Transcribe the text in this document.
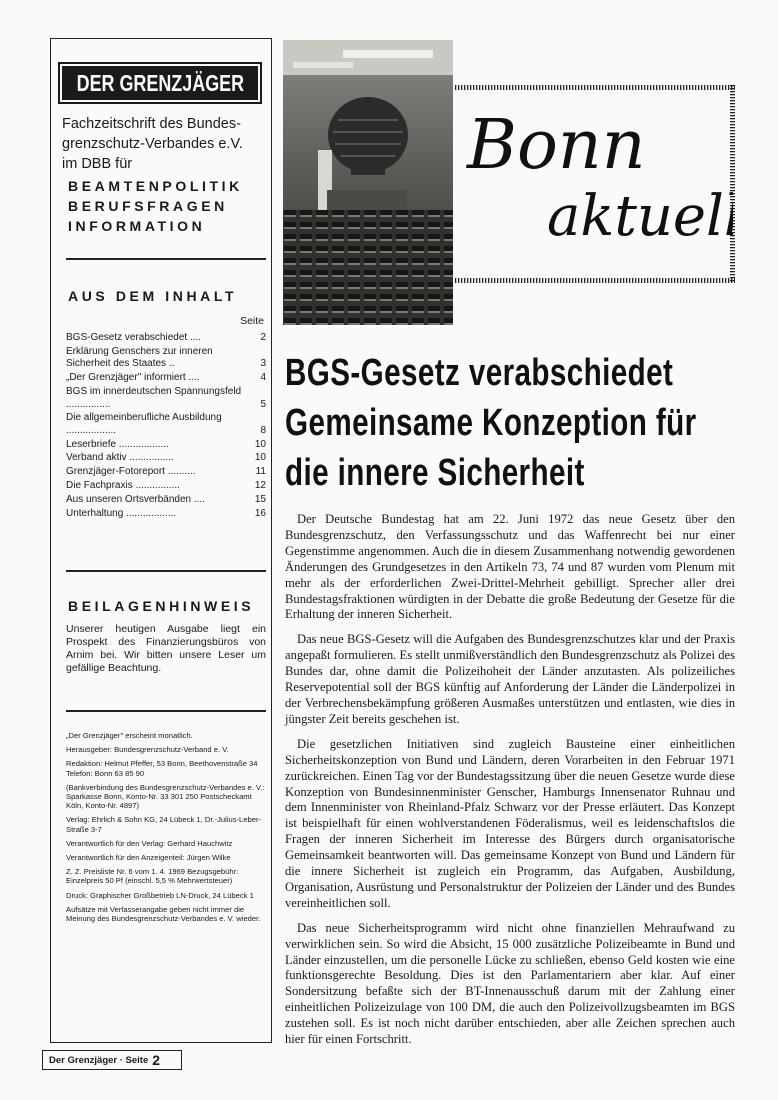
DER GRENZJÄGER
Fachzeitschrift des Bundes-
grenzschutz-Verbandes e.V.
im DBB für
BEAMTENPOLITIK
BERUFSFRAGEN
INFORMATION
AUS DEM INHALT
Seite
BGS-Gesetz verabschiedet ....	2
Erklärung Genschers zur inneren Sicherheit des Staates ..	3
„Der Grenzjäger" informiert ....	4
BGS im innerdeutschen Spannungsfeld ................	5
Die allgemeinberufliche Ausbildung ..................	8
Leserbriefe ..................	10
Verband aktiv ................	10
Grenzjäger-Fotoreport ..........	11
Die Fachpraxis ................	12
Aus unseren Ortsverbänden ....	15
Unterhaltung ..................	16
BEILAGENHINWEIS
Unserer heutigen Ausgabe liegt ein Prospekt des Finanzierungsbüros von Arnim bei. Wir bitten unsere Leser um gefällige Beachtung.

„Der Grenzjäger" erscheint monatlich.

Herausgeber: Bundesgrenzschutz-Verband e. V.

Redaktion: Helmut Pfeffer, 53 Bonn, Beethovenstraße 34 Telefon: Bonn 63 85 90

(Bankverbindung des Bundesgrenzschutz-Verbandes e. V.: Sparkasse Bonn, Konto-Nr. 33 301 250 Postscheckamt Köln, Konto-Nr. 4897)

Verlag: Ehrlich & Sohn KG, 24 Lübeck 1, Dr.-Julius-Leber-Straße 3-7

Verantwortlich für den Verlag: Gerhard Hauchwitz

Verantwortlich für den Anzeigenteil: Jürgen Wilke

Z. Z. Preisliste Nr. 6 vom 1. 4. 1969 Bezugsgebühr: Einzelpreis 50 Pf (einschl. 5,5 % Mehrwertsteuer)

Druck: Graphischer Großbetrieb LN-Druck, 24 Lübeck 1

Aufsätze mit Verfasserangabe geben nicht immer die Meinung des Bundesgrenzschutz-Verbandes e. V. wieder.

Der Grenzjäger · Seite 2
Bonn
aktuell
BGS-Gesetz verabschiedet
Gemeinsame Konzeption für
die innere Sicherheit

Der Deutsche Bundestag hat am 22. Juni 1972 das neue Gesetz über den Bundesgrenzschutz, den Verfassungsschutz und das Waffenrecht bei nur einer Gegenstimme angenommen. Auch die in diesem Zusammenhang notwendig gewordenen Änderungen des Grundgesetzes in den Artikeln 73, 74 und 87 wurden vom Plenum mit mehr als der erforderlichen Zwei-Drittel-Mehrheit gebilligt. Sprecher aller drei Bundestagsfraktionen würdigten in der Debatte die große Bedeutung der Gesetze für die Erhaltung der inneren Sicherheit.

Das neue BGS-Gesetz will die Aufgaben des Bundesgrenzschutzes klar und der Praxis angepaßt formulieren. Es stellt unmißverständlich den Bundesgrenzschutz als Polizei des Bundes dar, ohne damit die Polizeihoheit der Länder anzutasten. Als polizeiliches Reservepotential soll der BGS künftig auf Anforderung der Länder die Länderpolizei in der Verbrechensbekämpfung größeren Ausmaßes unterstützen und entlasten, wie dies in jüngster Zeit bereits geschehen ist.

Die gesetzlichen Initiativen sind zugleich Bausteine einer einheitlichen Sicherheitskonzeption von Bund und Ländern, deren Vorarbeiten in den Februar 1971 zurückreichen. Einen Tag vor der Bundestagssitzung über die neuen Gesetze wurde diese Konzeption von Bundesinnenminister Genscher, Hamburgs Innensenator Ruhnau und dem Innenminister von Rheinland-Pfalz Schwarz vor der Presse erläutert. Das Konzept ist beispielhaft für einen wohlverstandenen Föderalismus, weil es leidenschaftslos die Fragen der inneren Sicherheit im Interesse des Bürgers durch organisatorische Gemeinsamkeit beantworten will. Das gemeinsame Konzept von Bund und Ländern für die innere Sicherheit ist zugleich ein Programm, das Aufgaben, Ausbildung, Organisation, Ausrüstung und Personalstruktur der Polizeien der Länder und des Bundes vereinheitlichen soll.

Das neue Sicherheitsprogramm wird nicht ohne finanziellen Mehraufwand zu verwirklichen sein. So wird die Absicht, 15 000 zusätzliche Polizeibeamte in Bund und Länder einzustellen, um die personelle Lücke zu schließen, ebenso Geld kosten wie eine funktionsgerechte Besoldung. Dies ist den Parlamentariern aber klar. Auf einer Sondersitzung befaßte sich der BT-Innenausschuß darum mit der Zahlung einer einheitlichen Polizeizulage von 100 DM, die auch den Polizeivollzugsbeamten im BGS zustehen soll. Es ist noch nicht darüber entschieden, aber alle Zeichen sprechen auch hier für einen Fortschritt.
